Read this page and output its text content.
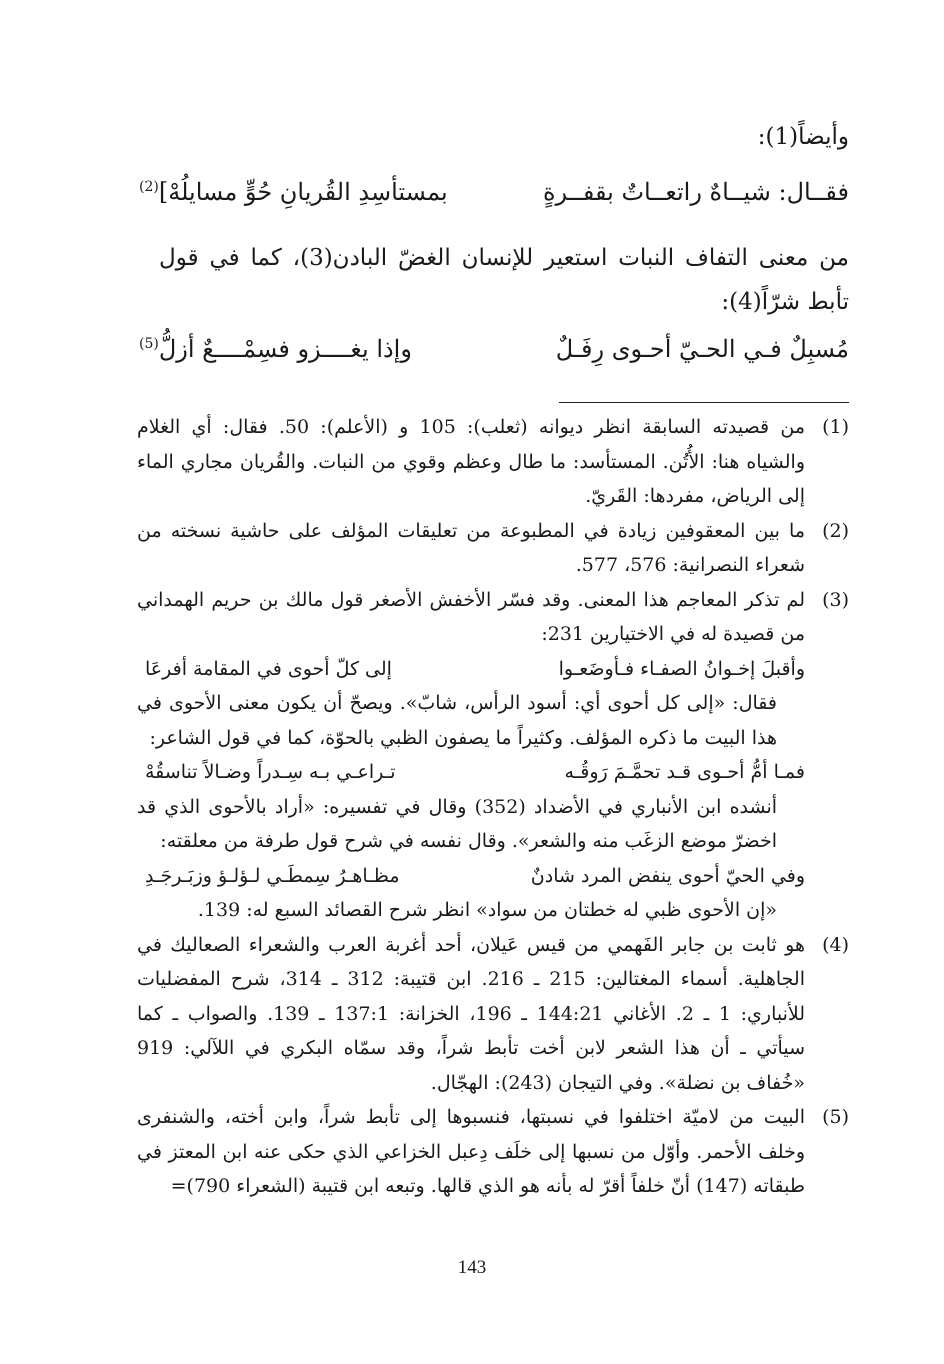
وأيضاً(1):
فقــال: شيــاهٌ راتعــاتٌ بقفــرةٍ
بمستأسِدِ القُريانِ حُوٍّ مسايلُهْ]$^{(2)}$
من معنى التفاف النبات استعير للإنسان الغضّ البادن(3)، كما في قول تأبط شرّاً(4):
مُسبِلٌ فـي الحـيّ أحـوى رِفَـلٌ
وإذا يغــــزو فسِمْــــعٌ أزلُّ$^{(5)}$
(1)

من قصيدته السابقة انظر ديوانه (ثعلب): 105 و (الأعلم): 50. فقال: أي الغلام والشياه هنا: الأُتُن. المستأسد: ما طال وعظم وقوي من النبات. والقُريان مجاري الماء إلى الرياض، مفردها: القَريّ.

(2)

ما بين المعقوفين زيادة في المطبوعة من تعليقات المؤلف على حاشية نسخته من شعراء النصرانية: 576، 577.

(3)

لم تذكر المعاجم هذا المعنى. وقد فسّر الأخفش الأصغر قول مالك بن حريم الهمداني من قصيدة له في الاختيارين 231:

وأقبلَ إخـوانُ الصفـاء فـأوضَعـوا
إلى كلّ أحوى في المقامة أفرعَا

فقال: «إلى كل أحوى أي: أسود الرأس، شابّ». ويصحّ أن يكون معنى الأحوى في هذا البيت ما ذكره المؤلف. وكثيراً ما يصفون الظبي بالحوّة، كما في قول الشاعر:

فمـا أمُّ أحـوى قـد تحمَّـمَ رَوقُـه
تـراعـي بـه سِـدراً وضـالاً تناسقُهْ

أنشده ابن الأنباري في الأضداد (352) وقال في تفسيره: «أراد بالأحوى الذي قد اخضرّ موضع الزغَب منه والشعر». وقال نفسه في شرح قول طرفة من معلقته:

وفي الحيّ أحوى ينفض المرد شادنٌ
مظـاهـرُ سِمطَـي لـؤلـؤ وزبَـرجَـدِ

«إن الأحوى ظبي له خطتان من سواد» انظر شرح القصائد السبع له: 139.

(4)

هو ثابت بن جابر الفَهمي من قيس عَيلان، أحد أغربة العرب والشعراء الصعاليك في الجاهلية. أسماء المغتالين: 215 ـ 216. ابن قتيبة: 312 ـ 314، شرح المفضليات للأنباري: 1 ـ 2. الأغاني 144:21 ـ 196، الخزانة: 137:1 ـ 139. والصواب ـ كما سيأتي ـ أن هذا الشعر لابن أخت تأبط شراً، وقد سمّاه البكري في اللآلي: 919 «خُفاف بن نضلة». وفي التيجان (243): الهجّال.

(5)

البيت من لاميّة اختلفوا في نسبتها، فنسبوها إلى تأبط شراً، وابن أخته، والشنفرى وخلف الأحمر. وأوّل من نسبها إلى خلَف دِعبل الخزاعي الذي حكى عنه ابن المعتز في طبقاته (147) أنّ خلفاً أقرّ له بأنه هو الذي قالها. وتبعه ابن قتيبة (الشعراء 790)=

143
